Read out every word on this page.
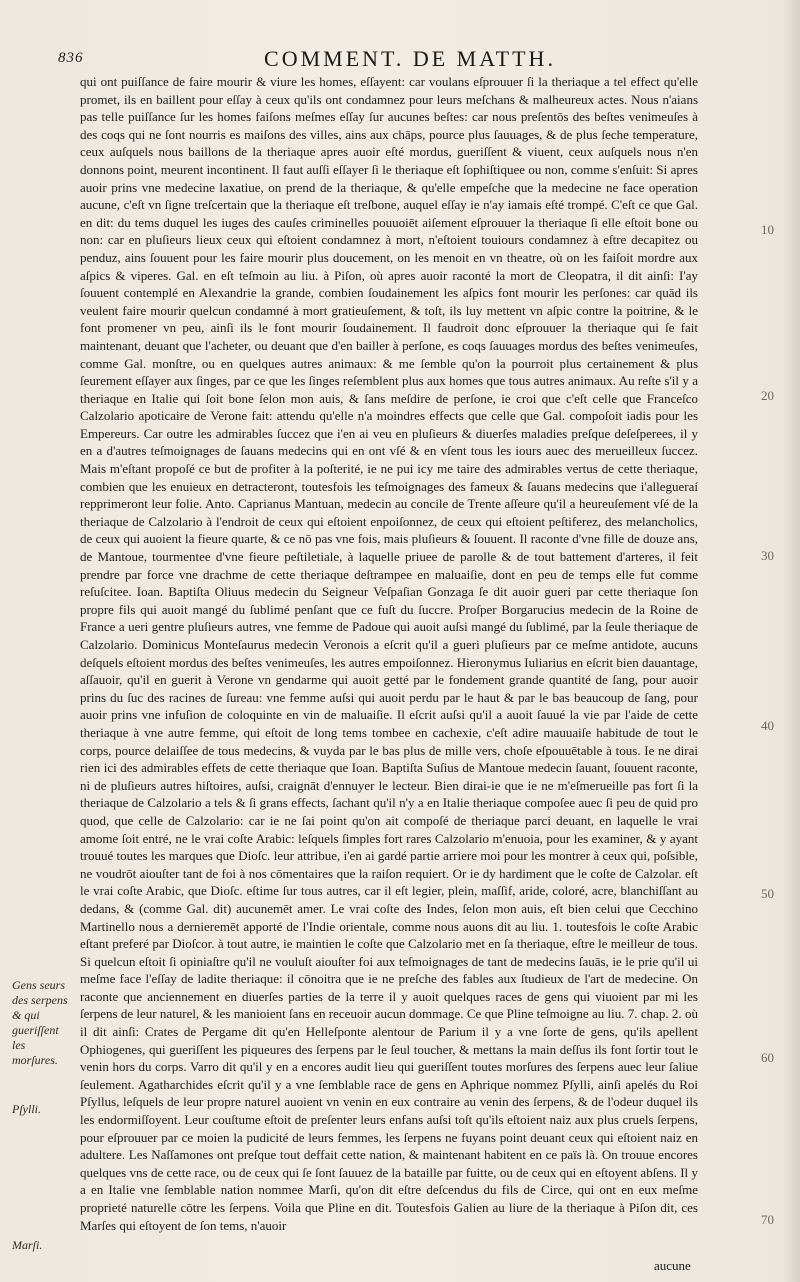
836	COMMENT. DE MATTH.

qui ont puiſſance de faire mourir & viure les homes, eſſayent: car voulans eſprouuer ſi la theriaque a tel effect qu'elle promet, ils en baillent pour eſſay à ceux qu'ils ont condamnez pour leurs meſchans & malheureux actes. Nous n'aians pas telle puiſſance ſur les homes faiſons meſmes eſſay ſur aucunes beſtes: car nous preſentōs des beſtes venimeuſes à des coqs qui ne ſont nourris es maiſons des villes, ains aux chāps, pource plus ſauuages, & de plus ſeche temperature, ceux auſquels nous baillons de la theriaque apres auoir eſté mordus, gueriſſent & viuent, ceux auſquels nous n'en donnons point, meurent incontinent. Il faut auſſi eſſayer ſi le theriaque eſt ſophiſtiquee ou non, comme s'enſuit: Si apres auoir prins vne medecine laxatiue, on prend de la theriaque, & qu'elle empeſche que la medecine ne face operation aucune, c'eſt vn ſigne treſcertain que la theriaque eſt treſbone, auquel eſſay ie n'ay iamais eſté trompé. C'eſt ce que Gal. en dit: du tems duquel les iuges des cauſes criminelles pouuoiēt aiſement eſprouuer la theriaque ſi elle eſtoit bone ou non: car en pluſieurs lieux ceux qui eſtoient condamnez à mort, n'eſtoient touiours condamnez à eſtre decapitez ou penduz, ains ſouuent pour les faire mourir plus doucement, on les menoit en vn theatre, où on les faiſoit mordre aux aſpics & viperes. Gal. en eſt teſmoin au liu. à Piſon, où apres auoir raconté la mort de Cleopatra, il dit ainſi: I'ay ſouuent contemplé en Alexandrie la grande, combien ſoudainement les aſpics font mourir les perſones: car quād ils veulent faire mourir quelcun condamné à mort gratieuſement, & toſt, ils luy mettent vn aſpic contre la poitrine, & le font promener vn peu, ainſi ils le font mourir ſoudainement. Il faudroit donc eſprouuer la theriaque qui ſe fait maintenant, deuant que l'acheter, ou deuant que d'en bailler à perſone, es coqs ſauuages mordus des beſtes venimeuſes, comme Gal. monſtre, ou en quelques autres animaux: & me ſemble qu'on la pourroit plus certainement & plus ſeurement eſſayer aux ſinges, par ce que les ſinges reſemblent plus aux homes que tous autres animaux. Au reſte s'il y a theriaque en Italie qui ſoit bone ſelon mon auis, & ſans meſdire de perſone, ie croi que c'eſt celle que Franceſco Calzolario apoticaire de Verone fait: attendu qu'elle n'a moindres effects que celle que Gal. compoſoit iadis pour les Empereurs. Car outre les admirables ſuccez que i'en ai veu en pluſieurs & diuerſes maladies preſque deſeſperees, il y en a d'autres teſmoignages de ſauans medecins qui en ont vſé & en vſent tous les iours auec des merueilleux ſuccez. Mais m'eſtant propoſé ce but de profiter à la poſterité, ie ne pui icy me taire des admirables vertus de cette theriaque, combien que les enuieux en detracteront, toutesfois les teſmoignages des fameux & ſauans medecins que i'allegueraí repprimeront leur folie. Anto. Caprianus Mantuan, medecin au concile de Trente aſſeure qu'il a heureuſement vſé de la theriaque de Calzolario à l'endroit de ceux qui eſtoient enpoiſonnez, de ceux qui eſtoient peſtiferez, des melancholics, de ceux qui auoient la fieure quarte, & ce nō pas vne fois, mais pluſieurs & ſouuent. Il raconte d'vne fille de douze ans, de Mantoue, tourmentee d'vne fieure peſtiletiale, à laquelle priuee de parolle & de tout battement d'arteres, il feit prendre par force vne drachme de cette theriaque deſtrampee en maluaiſie, dont en peu de temps elle fut comme reſuſcitee. Ioan. Baptiſta Oliuus medecin du Seigneur Veſpaſian Gonzaga ſe dit auoir gueri par cette theriaque ſon propre fils qui auoit mangé du ſublimé penſant que ce fuſt du ſuccre. Proſper Borgarucius medecin de la Roine de France a ueri gentre pluſieurs autres, vne femme de Padoue qui auoit auſsi mangé du ſublimé, par la ſeule theriaque de Calzolario. Dominicus Monteſaurus medecin Veronois a eſcrit qu'il a gueri pluſieurs par ce meſme antidote, aucuns deſquels eſtoient mordus des beſtes venimeuſes, les autres empoiſonnez. Hieronymus Iuliarius en eſcrit bien dauantage, aſſauoir, qu'il en guerit à Verone vn gendarme qui auoit getté par le fondement grande quantité de ſang, pour auoir prins du ſuc des racines de ſureau: vne femme auſsi qui auoit perdu par le haut & par le bas beaucoup de ſang, pour auoir prins vne infuſion de coloquinte en vin de maluaiſie. Il eſcrit auſsi qu'il a auoit ſauué la vie par l'aide de cette theriaque à vne autre femme, qui eſtoit de long tems tombee en cachexie, c'eſt adire mauuaiſe habitude de tout le corps, pource delaiſſee de tous medecins, & vuyda par le bas plus de mille vers, choſe eſpouuētable à tous. Ie ne dirai rien ici des admirables effets de cette theriaque que Ioan. Baptiſta Suſius de Mantoue medecin ſauant, ſouuent raconte, ni de pluſieurs autres hiſtoires, auſsi, craignāt d'ennuyer le lecteur. Bien dirai-ie que ie ne m'eſmerueille pas fort ſi la theriaque de Calzolario a tels & ſi grans effects, ſachant qu'il n'y a en Italie theriaque compoſee auec ſi peu de quid pro quod, que celle de Calzolario: car ie ne ſai point qu'on ait compoſé de theriaque parci deuant, en laquelle le vrai amome ſoit entré, ne le vrai coſte Arabic: leſquels ſimples fort rares Calzolario m'enuoia, pour les examiner, & y ayant trouué toutes les marques que Dioſc. leur attribue, i'en ai gardé partie arriere moi pour les montrer à ceux qui, poſsible, ne voudrōt aiouſter tant de foi à nos cōmentaires que la raiſon requiert. Or ie dy hardiment que le coſte de Calzolar. eſt le vrai coſte Arabic, que Dioſc. eſtime ſur tous autres, car il eſt legier, plein, maſſif, aride, coloré, acre, blanchiſſant au dedans, & (comme Gal. dit) aucunemēt amer. Le vrai coſte des Indes, ſelon mon auis, eſt bien celui que Cecchino Martinello nous a dernieremēt apporté de l'Indie orientale, comme nous auons dit au liu. 1. toutesfois le coſte Arabic eſtant preferé par Dioſcor. à tout autre, ie maintien le coſte que Calzolario met en ſa theriaque, eſtre le meilleur de tous. Si quelcun eſtoit ſi opiniaſtre qu'il ne vouluſt aiouſter foi aux teſmoignages de tant de medecins ſauās, ie le prie qu'il ui meſme face l'eſſay de ladite theriaque: il cōnoitra que ie ne preſche des fables aux ſtudieux de l'art de medecine. On raconte que anciennement en diuerſes parties de la terre il y auoit quelques races de gens qui viuoient par mi les ſerpens de leur naturel, & les manioient ſans en receuoir aucun dommage. Ce que Pline teſmoigne au liu. 7. chap. 2. où il dit ainſi: Crates de Pergame dit qu'en Helleſponte alentour de Parium il y a vne ſorte de gens, qu'ils apellent Ophiogenes, qui gueriſſent les piqueures des ſerpens par le ſeul toucher, & mettans la main deſſus ils font ſortir tout le venin hors du corps. Varro dit qu'il y en a encores audit lieu qui gueriſſent toutes morſures des ſerpens auec leur ſaliue ſeulement. Agatharchides eſcrit qu'il y a vne ſemblable race de gens en Aphrique nommez Pſylli, ainſi apelés du Roi Pſyllus, leſquels de leur propre naturel auoient vn venin en eux contraire au venin des ſerpens, & de l'odeur duquel ils les endormiſſoyent. Leur couſtume eſtoit de preſenter leurs enfans auſsi toſt qu'ils eſtoient naiz aux plus cruels ſerpens, pour eſprouuer par ce moien la pudicité de leurs femmes, les ſerpens ne fuyans point deuant ceux qui eſtoient naiz en adultere. Les Naſſamones ont preſque tout deffait cette nation, & maintenant habitent en ce païs là. On trouue encores quelques vns de cette race, ou de ceux qui ſe ſont ſauuez de la bataille par fuitte, ou de ceux qui en eſtoyent abſens. Il y a en Italie vne ſemblable nation nommee Marſi, qu'on dit eſtre deſcendus du fils de Circe, qui ont en eux meſme proprieté naturelle cōtre les ſerpens. Voila que Pline en dit. Toutesfois Galien au liure de la theriaque à Piſon dit, ces Marſes qui eſtoyent de ſon tems, n'auoir

10
20
30
40
50
60
70
Gens seurs des serpens & qui gueriſſent les morſures.
Pſylli.
Marſi.
aucune
